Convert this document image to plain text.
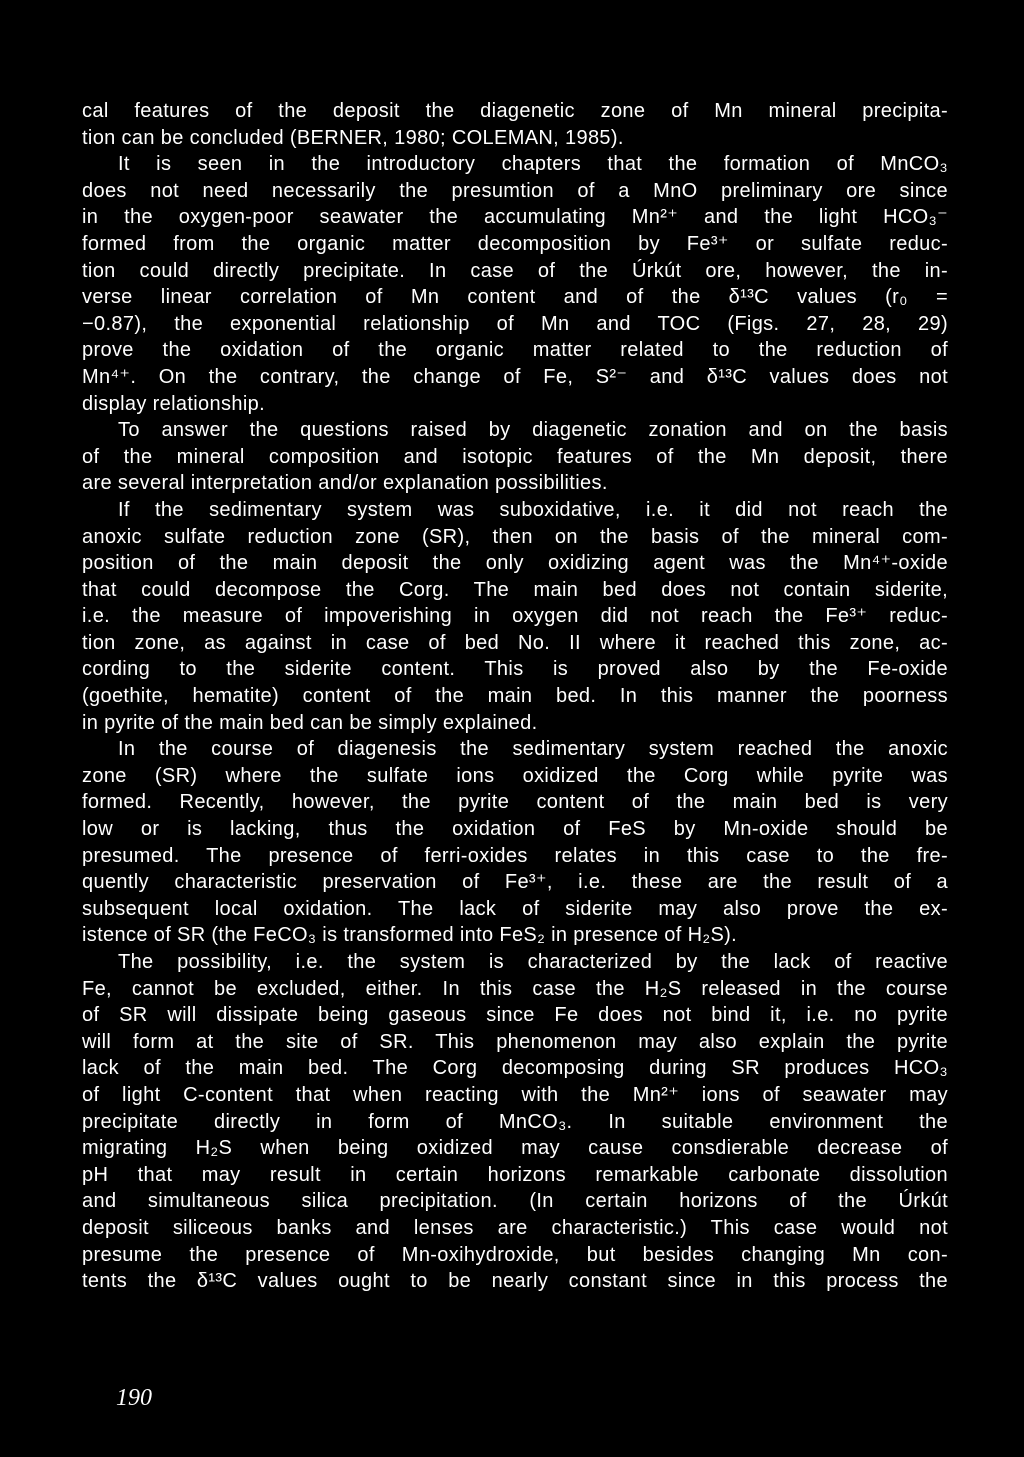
cal features of the deposit the diagenetic zone of Mn mineral precipita-
tion can be concluded (BERNER, 1980; COLEMAN, 1985).
It is seen in the introductory chapters that the formation of MnCO₃
does not need necessarily the presumtion of a MnO preliminary ore since
in the oxygen-poor seawater the accumulating Mn²⁺ and the light HCO₃⁻
formed from the organic matter decomposition by Fe³⁺ or sulfate reduc-
tion could directly precipitate. In case of the Úrkút ore, however, the in-
verse linear correlation of Mn content and of the δ¹³C values (r₀ =
−0.87), the exponential relationship of Mn and TOC (Figs. 27, 28, 29)
prove the oxidation of the organic matter related to the reduction of
Mn⁴⁺. On the contrary, the change of Fe, S²⁻ and δ¹³C values does not
display relationship.
To answer the questions raised by diagenetic zonation and on the basis
of the mineral composition and isotopic features of the Mn deposit, there
are several interpretation and/or explanation possibilities.
If the sedimentary system was suboxidative, i.e. it did not reach the
anoxic sulfate reduction zone (SR), then on the basis of the mineral com-
position of the main deposit the only oxidizing agent was the Mn⁴⁺-oxide
that could decompose the Corg. The main bed does not contain siderite,
i.e. the measure of impoverishing in oxygen did not reach the Fe³⁺ reduc-
tion zone, as against in case of bed No. II where it reached this zone, ac-
cording to the siderite content. This is proved also by the Fe-oxide
(goethite, hematite) content of the main bed. In this manner the poorness
in pyrite of the main bed can be simply explained.
In the course of diagenesis the sedimentary system reached the anoxic
zone (SR) where the sulfate ions oxidized the Corg while pyrite was
formed. Recently, however, the pyrite content of the main bed is very
low or is lacking, thus the oxidation of FeS by Mn-oxide should be
presumed. The presence of ferri-oxides relates in this case to the fre-
quently characteristic preservation of Fe³⁺, i.e. these are the result of a
subsequent local oxidation. The lack of siderite may also prove the ex-
istence of SR (the FeCO₃ is transformed into FeS₂ in presence of H₂S).
The possibility, i.e. the system is characterized by the lack of reactive
Fe, cannot be excluded, either. In this case the H₂S released in the course
of SR will dissipate being gaseous since Fe does not bind it, i.e. no pyrite
will form at the site of SR. This phenomenon may also explain the pyrite
lack of the main bed. The Corg decomposing during SR produces HCO₃
of light C-content that when reacting with the Mn²⁺ ions of seawater may
precipitate directly in form of MnCO₃. In suitable environment the
migrating H₂S when being oxidized may cause consdierable decrease of
pH that may result in certain horizons remarkable carbonate dissolution
and simultaneous silica precipitation. (In certain horizons of the Úrkút
deposit siliceous banks and lenses are characteristic.) This case would not
presume the presence of Mn-oxihydroxide, but besides changing Mn con-
tents the δ¹³C values ought to be nearly constant since in this process the
190
